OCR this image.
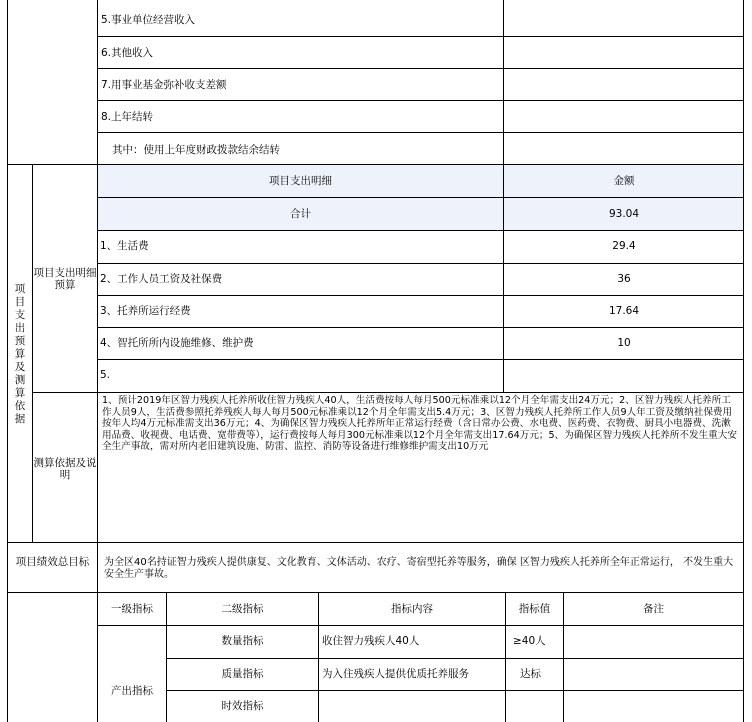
5.事业单位经营收入
6.其他收入
7.用事业基金弥补收支差额
8.上年结转
其中：使用上年度财政拨款结余结转
项目支出预算及测算依据
项目支出明细预算
项目支出明细	金额
合计	93.04
1、生活费	29.4
2、工作人员工资及社保费	36
3、托养所运行经费	17.64
4、智托所所内设施维修、维护费	10
5.
测算依据及说明
1、预计2019年区智力残疾人托养所收住智力残疾人40人，生活费按每人每月500元标准乘以12个月全年需支出24万元；2、区智力残疾人托养所工作人员9人，生活费参照托养残疾人每人每月500元标准乘以12个月全年需支出5.4万元；3、区智力残疾人托养所工作人员9人年工资及缴纳社保费用按年人均4万元标准需支出36万元；4、为确保区智力残疾人托养所年正常运行经费（含日常办公费、水电费、医药费、衣物费、厨具小电器费、洗漱用品费、收视费、电话费、宽带费等），运行费按每人每月300元标准乘以12个月全年需支出17.64万元；5、为确保区智力残疾人托养所不发生重大安全生产事故，需对所内老旧建筑设施、防雷、监控、消防等设备进行维修维护需支出10万元
项目绩效总目标	为全区40名持证智力残疾人提供康复、文化教育、文体活动、农疗、寄宿型托养等服务，确保 区智力残疾人托养所全年正常运行， 不发生重大安全生产事故。
一级指标	二级指标	指标内容	指标值	备注
产出指标
数量指标	收住智力残疾人40人	≥40人
质量指标	为入住残疾人提供优质托养服务	达标
时效指标
